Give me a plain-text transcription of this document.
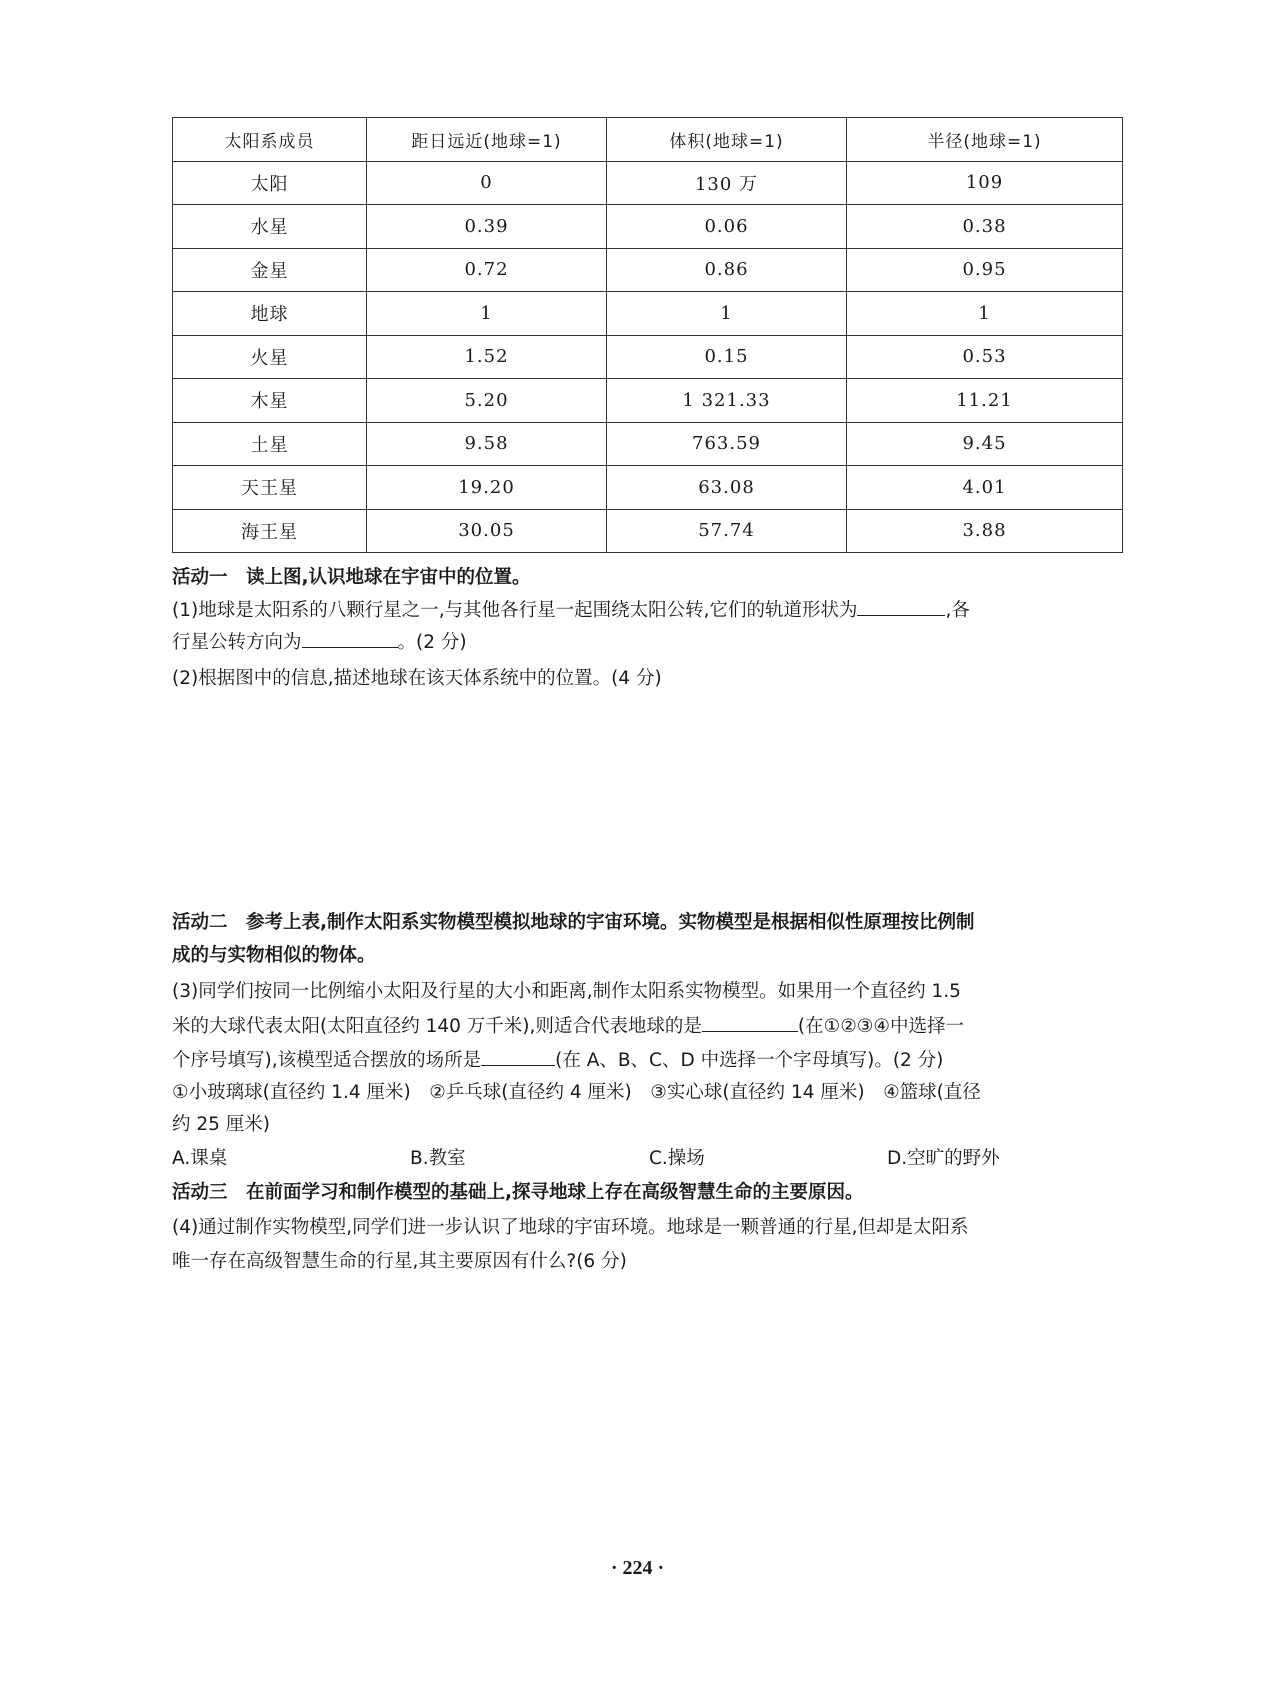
太阳系成员	距日远近(地球=1)	体积(地球=1)	半径(地球=1)
太阳	0	130 万	109
水星	0.39	0.06	0.38
金星	0.72	0.86	0.95
地球	1	1	1
火星	1.52	0.15	0.53
木星	5.20	1 321.33	11.21
土星	9.58	763.59	9.45
天王星	19.20	63.08	4.01
海王星	30.05	57.74	3.88
活动一　读上图,认识地球在宇宙中的位置。
(1)地球是太阳系的八颗行星之一,与其他各行星一起围绕太阳公转,它们的轨道形状为	,各
行星公转方向为	。(2 分)
(2)根据图中的信息,描述地球在该天体系统中的位置。(4 分)
活动二　参考上表,制作太阳系实物模型模拟地球的宇宙环境。实物模型是根据相似性原理按比例制
成的与实物相似的物体。
(3)同学们按同一比例缩小太阳及行星的大小和距离,制作太阳系实物模型。如果用一个直径约 1.5
米的大球代表太阳(太阳直径约 140 万千米),则适合代表地球的是	(在①②③④中选择一
个序号填写),该模型适合摆放的场所是	(在 A、B、C、D 中选择一个字母填写)。(2 分)
①小玻璃球(直径约 1.4 厘米)　②乒乓球(直径约 4 厘米)　③实心球(直径约 14 厘米)　④篮球(直径
约 25 厘米)
A.课桌	B.教室	C.操场	D.空旷的野外
活动三　在前面学习和制作模型的基础上,探寻地球上存在高级智慧生命的主要原因。
(4)通过制作实物模型,同学们进一步认识了地球的宇宙环境。地球是一颗普通的行星,但却是太阳系
唯一存在高级智慧生命的行星,其主要原因有什么?(6 分)
· 224 ·
